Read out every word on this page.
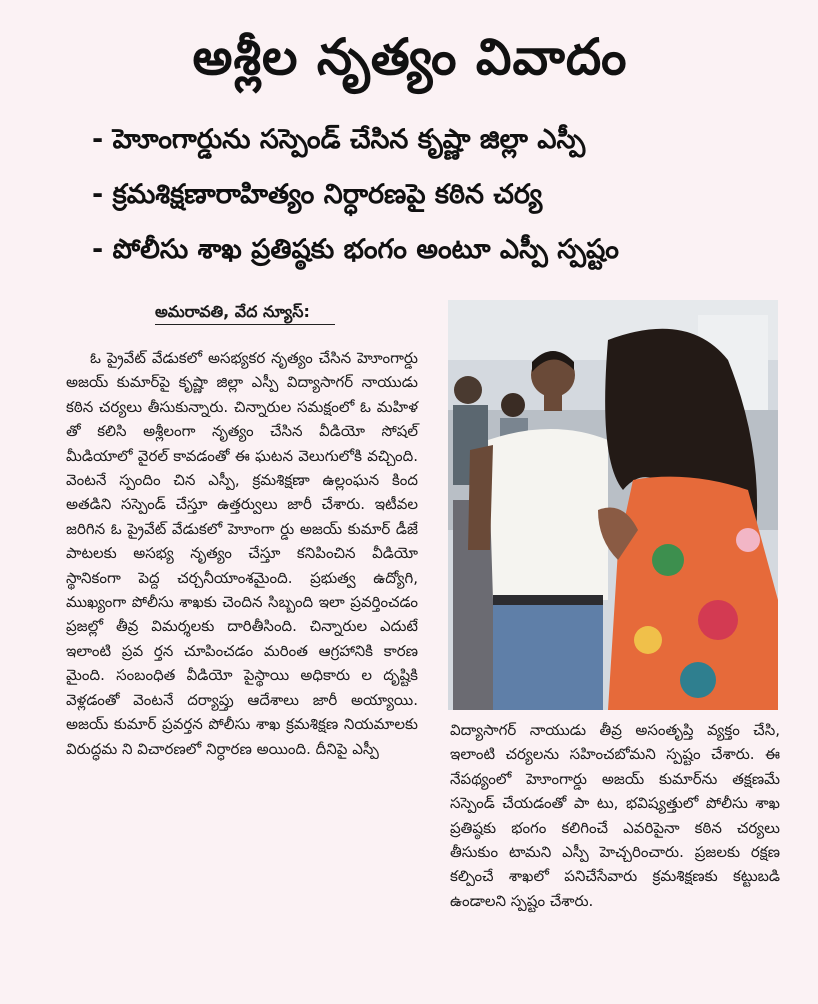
అశ్లీల నృత్యం వివాదం
- హెూంగార్డును సస్పెండ్ చేసిన కృష్ణా జిల్లా ఎస్పీ
- క్రమశిక్షణారాహిత్యం నిర్ధారణపై కఠిన చర్య
- పోలీసు శాఖ ప్రతిష్ఠకు భంగం అంటూ ఎస్పీ స్పష్టం
అమరావతి, వేద న్యూస్:

ఓ ప్రైవేట్ వేడుకలో అసభ్యకర నృత్యం చేసిన హెూంగార్డు అజయ్ కుమార్‌పై కృష్ణా జిల్లా ఎస్పీ విద్యాసాగర్ నాయుడు కఠిన చర్యలు తీసుకున్నారు. చిన్నారుల సమక్షంలో ఓ మహిళ తో కలిసి అశ్లీలంగా నృత్యం చేసిన వీడియో సోషల్ మీడియాలో వైరల్ కావడంతో ఈ ఘటన వెలుగులోకి వచ్చింది. వెంటనే స్పందిం చిన ఎస్పీ, క్రమశిక్షణా ఉల్లంఘన కింద అతడిని సస్పెండ్ చేస్తూ ఉత్తర్వులు జారీ చేశారు. ఇటీవల జరిగిన ఓ ప్రైవేట్ వేడుకలో హెూంగా ర్డు అజయ్ కుమార్ డీజే పాటలకు అసభ్య నృత్యం చేస్తూ కనిపించిన వీడియో స్థానికంగా పెద్ద చర్చనీయాంశమైంది. ప్రభుత్వ ఉద్యోగి, ముఖ్యంగా పోలీసు శాఖకు చెందిన సిబ్బంది ఇలా ప్రవర్తించడం ప్రజల్లో తీవ్ర విమర్శలకు దారితీసింది. చిన్నారుల ఎదుటే ఇలాంటి ప్రవ ర్తన చూపించడం మరింత ఆగ్రహానికి కారణ మైంది. సంబంధిత వీడియో పైస్థాయి అధికారు ల దృష్టికి వెళ్లడంతో వెంటనే దర్యాప్తు ఆదేశాలు జారీ అయ్యాయి. అజయ్ కుమార్ ప్రవర్తన పోలీసు శాఖ క్రమశిక్షణ నియమాలకు విరుద్ధమ ని విచారణలో నిర్ధారణ అయింది. దీనిపై ఎస్పీ

విద్యాసాగర్ నాయుడు తీవ్ర అసంతృప్తి వ్యక్తం చేసి, ఇలాంటి చర్యలను సహించబోమని స్పష్టం చేశారు. ఈ నేపథ్యంలో హెూంగార్డు అజయ్ కుమార్‌ను తక్షణమే సస్పెండ్ చేయడంతో పా టు, భవిష్యత్తులో పోలీసు శాఖ ప్రతిష్ఠకు భంగం కలిగించే ఎవరిపైనా కఠిన చర్యలు తీసుకుం టామని ఎస్పీ హెచ్చరించారు. ప్రజలకు రక్షణ కల్పించే శాఖలో పనిచేసేవారు క్రమశిక్షణకు కట్టుబడి ఉండాలని స్పష్టం చేశారు.
